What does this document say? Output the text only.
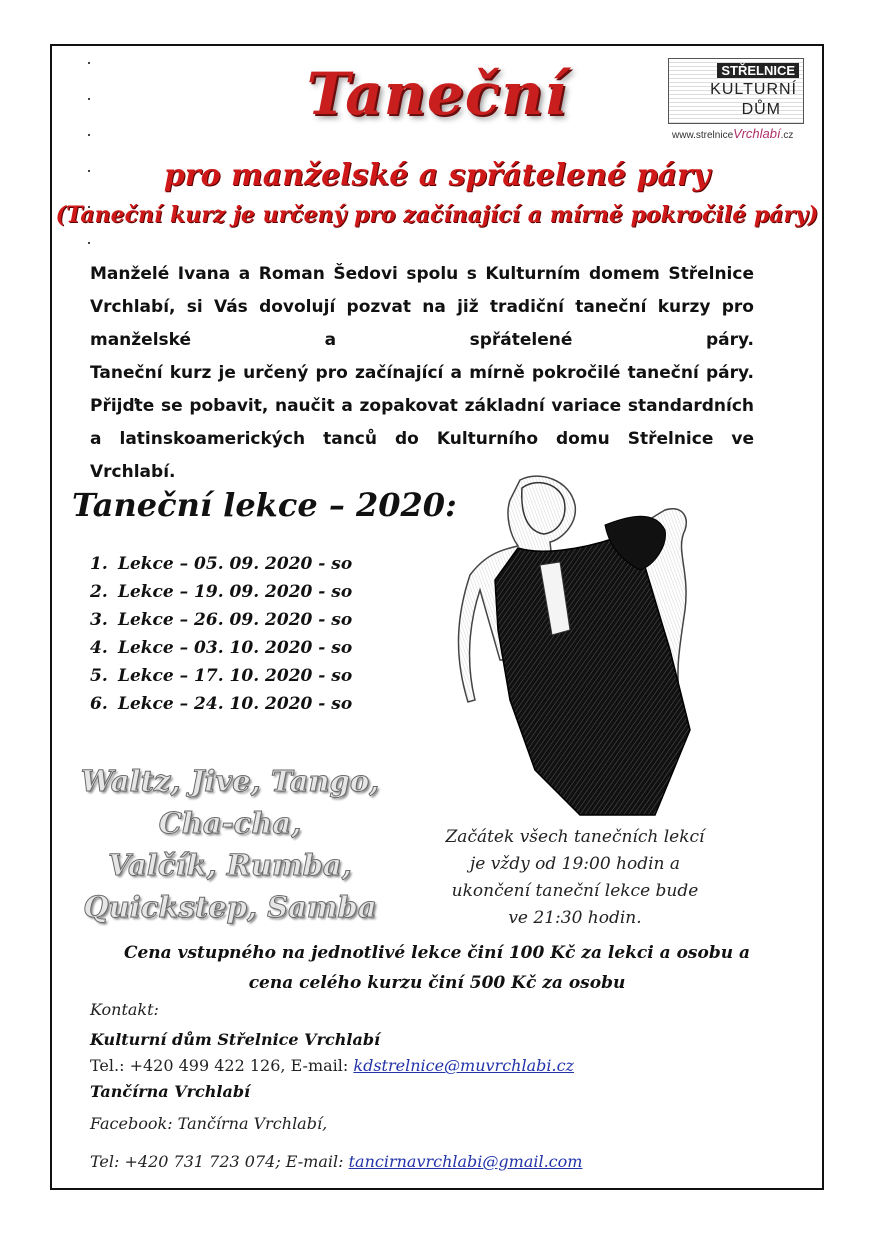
Taneční	STŘELNICE
KULTURNÍ
DŮM
www.strelniceVrchlabí.cz
pro manželské a spřátelené páry
(Taneční kurz je určený pro začínající a mírně pokročilé páry)

Manželé Ivana a Roman Šedovi spolu s Kulturním domem Střelnice Vrchlabí, si Vás dovolují pozvat na již tradiční taneční kurzy pro manželské a spřátelené páry.

Taneční kurz je určený pro začínající a mírně pokročilé taneční páry.

Přijďte se pobavit, naučit a zopakovat základní variace standardních a latinskoamerických tanců do Kulturního domu Střelnice ve Vrchlabí.

Taneční lekce – 2020:
1. Lekce – 05. 09. 2020 - so
2. Lekce – 19. 09. 2020 - so
3. Lekce – 26. 09. 2020 - so
4. Lekce – 03. 10. 2020 - so
5. Lekce – 17. 10. 2020 - so
6. Lekce – 24. 10. 2020 - so
Waltz, Jive, Tango,
Cha-cha,
Valčík, Rumba,
Quickstep, Samba
Začátek všech tanečních lekcí
je vždy od 19:00 hodin a
ukončení taneční lekce bude
ve 21:30 hodin.
Cena vstupného na jednotlivé lekce činí 100 Kč za lekci a osobu a
cena celého kurzu činí 500 Kč za osobu
Kontakt:
Kulturní dům Střelnice Vrchlabí
Tel.: +420 499 422 126, E-mail: kdstrelnice@muvrchlabi.cz
Tančírna Vrchlabí
Facebook: Tančírna Vrchlabí,
Tel: +420 731 723 074; E-mail: tancirnavrchlabi@gmail.com
